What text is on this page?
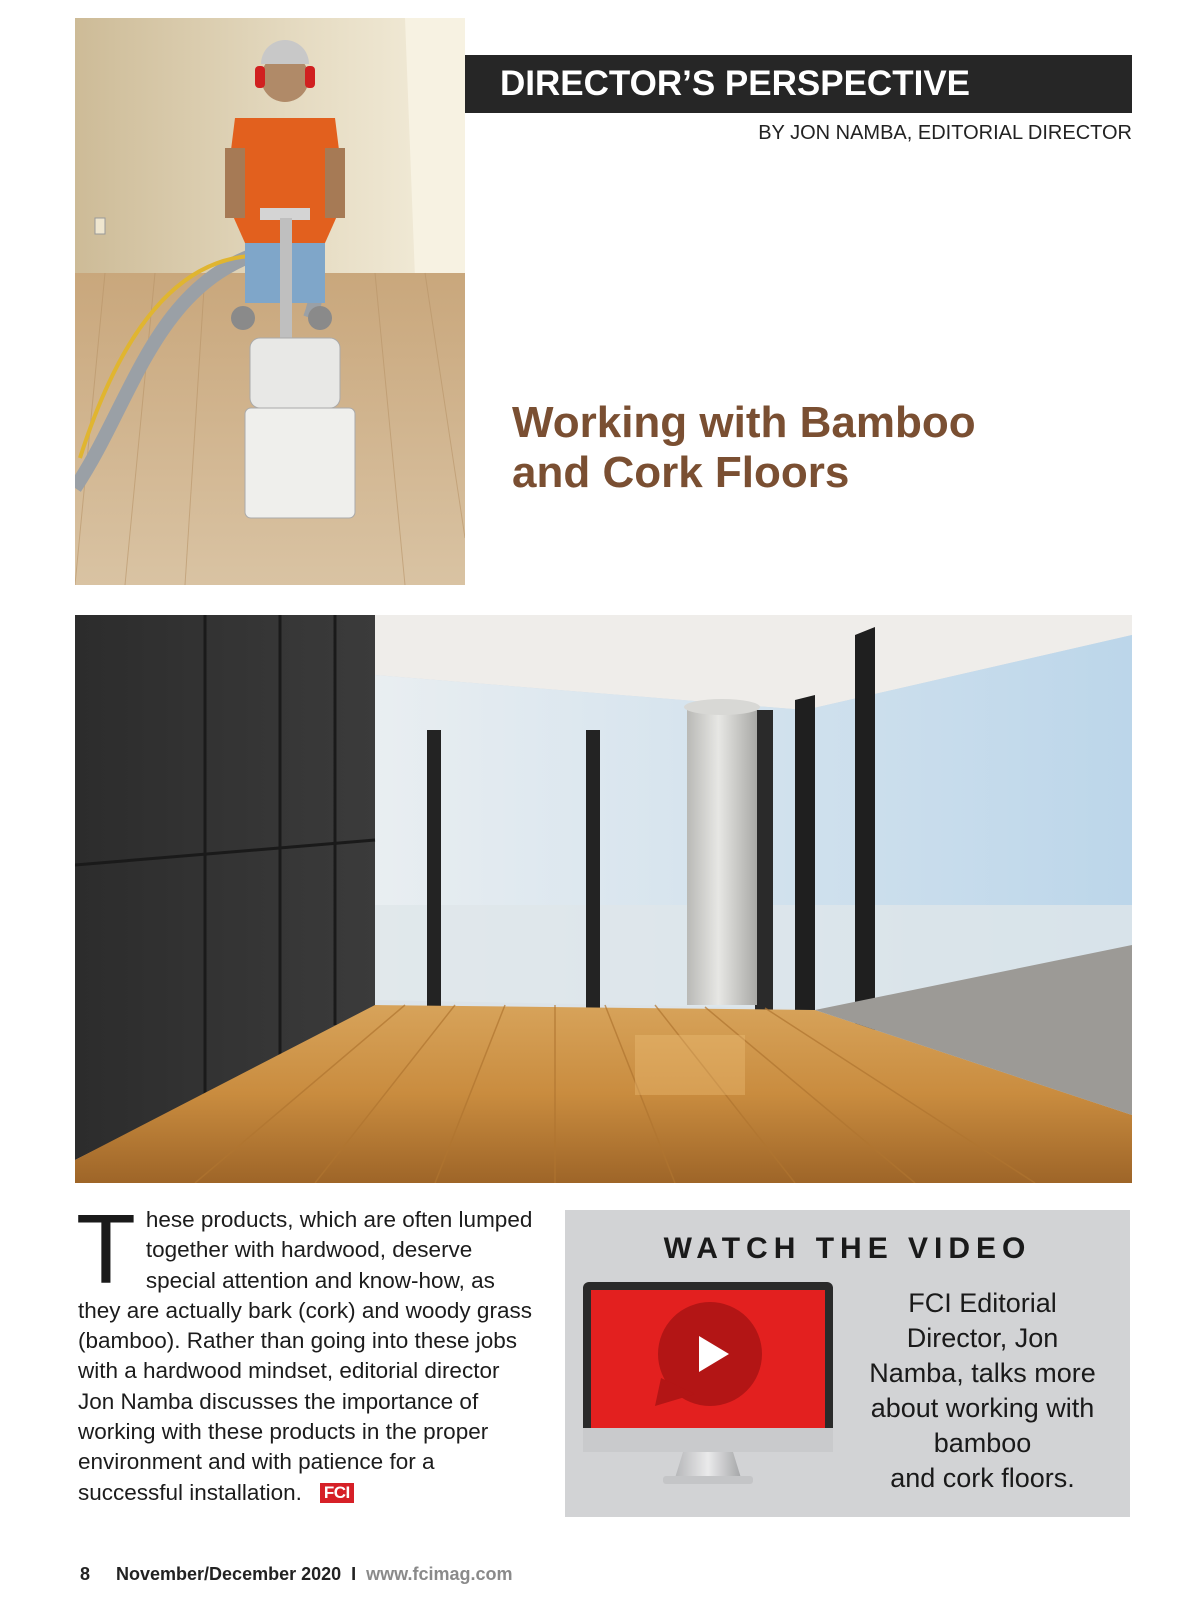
DIRECTOR’S PERSPECTIVE
BY JON NAMBA, EDITORIAL DIRECTOR
Working with Bamboo
and Cork Floors
These products, which are often lumped together with hardwood, deserve special attention and know-how, as they are actually bark (cork) and woody grass (bamboo). Rather than going into these jobs with a hardwood mindset, editorial director Jon Namba discusses the importance of working with these products in the proper environment and with patience for a successful installation. FCI
WATCH THE VIDEO
FCI Editorial
Director, Jon
Namba, talks more
about working with
bamboo
and cork floors.
8 November/December 2020 I www.fcimag.com
